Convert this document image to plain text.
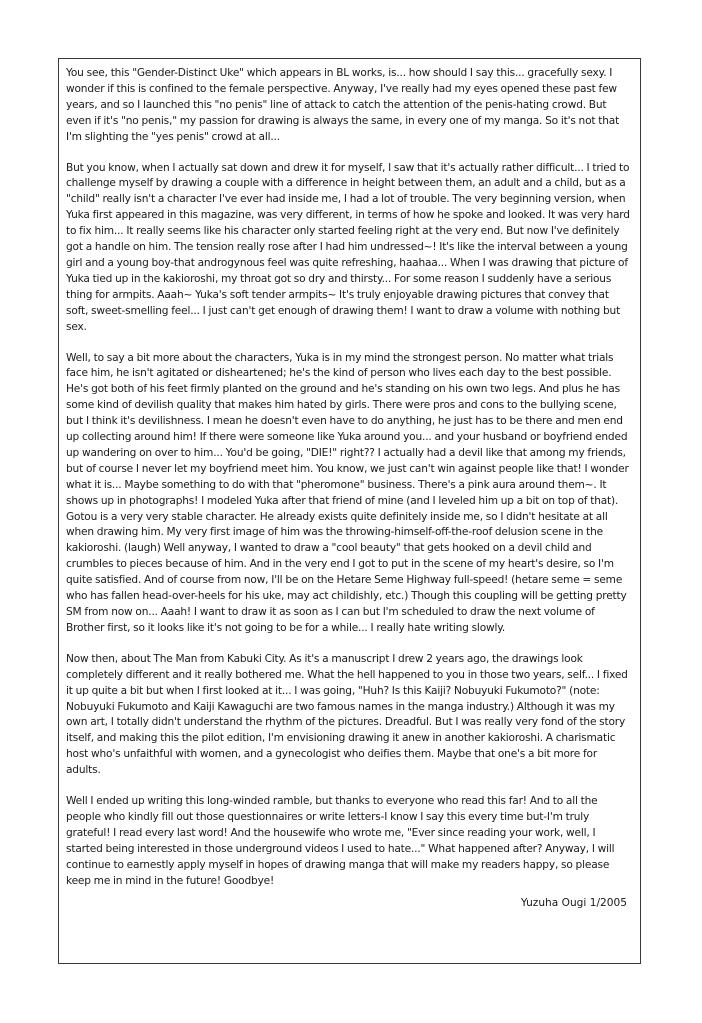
You see, this "Gender-Distinct Uke" which appears in BL works, is... how should I say this... gracefully sexy. I wonder if this is confined to the female perspective. Anyway, I've really had my eyes opened these past few years, and so I launched this "no penis" line of attack to catch the attention of the penis-hating crowd. But even if it's "no penis," my passion for drawing is always the same, in every one of my manga. So it's not that I'm slighting the "yes penis" crowd at all...

But you know, when I actually sat down and drew it for myself, I saw that it's actually rather difficult... I tried to challenge myself by drawing a couple with a difference in height between them, an adult and a child, but as a "child" really isn't a character I've ever had inside me, I had a lot of trouble. The very beginning version, when Yuka first appeared in this magazine, was very different, in terms of how he spoke and looked. It was very hard to fix him... It really seems like his character only started feeling right at the very end. But now I've definitely got a handle on him. The tension really rose after I had him undressed~! It's like the interval between a young girl and a young boy-that androgynous feel was quite refreshing, haahaa... When I was drawing that picture of Yuka tied up in the kakioroshi, my throat got so dry and thirsty... For some reason I suddenly have a serious thing for armpits. Aaah~ Yuka's soft tender armpits~ It's truly enjoyable drawing pictures that convey that soft, sweet-smelling feel... I just can't get enough of drawing them! I want to draw a volume with nothing but sex.

Well, to say a bit more about the characters, Yuka is in my mind the strongest person. No matter what trials face him, he isn't agitated or disheartened; he's the kind of person who lives each day to the best possible. He's got both of his feet firmly planted on the ground and he's standing on his own two legs. And plus he has some kind of devilish quality that makes him hated by girls. There were pros and cons to the bullying scene, but I think it's devilishness. I mean he doesn't even have to do anything, he just has to be there and men end up collecting around him! If there were someone like Yuka around you... and your husband or boyfriend ended up wandering on over to him... You'd be going, "DIE!" right?? I actually had a devil like that among my friends, but of course I never let my boyfriend meet him. You know, we just can't win against people like that! I wonder what it is... Maybe something to do with that "pheromone" business. There's a pink aura around them~. It shows up in photographs! I modeled Yuka after that friend of mine (and I leveled him up a bit on top of that). Gotou is a very very stable character. He already exists quite definitely inside me, so I didn't hesitate at all when drawing him. My very first image of him was the throwing-himself-off-the-roof delusion scene in the kakioroshi. (laugh) Well anyway, I wanted to draw a "cool beauty" that gets hooked on a devil child and crumbles to pieces because of him. And in the very end I got to put in the scene of my heart's desire, so I'm quite satisfied. And of course from now, I'll be on the Hetare Seme Highway full-speed! (hetare seme = seme who has fallen head-over-heels for his uke, may act childishly, etc.) Though this coupling will be getting pretty SM from now on... Aaah! I want to draw it as soon as I can but I'm scheduled to draw the next volume of Brother first, so it looks like it's not going to be for a while... I really hate writing slowly.

Now then, about The Man from Kabuki City. As it's a manuscript I drew 2 years ago, the drawings look completely different and it really bothered me. What the hell happened to you in those two years, self... I fixed it up quite a bit but when I first looked at it... I was going, "Huh? Is this Kaiji? Nobuyuki Fukumoto?" (note: Nobuyuki Fukumoto and Kaiji Kawaguchi are two famous names in the manga industry.) Although it was my own art, I totally didn't understand the rhythm of the pictures. Dreadful. But I was really very fond of the story itself, and making this the pilot edition, I'm envisioning drawing it anew in another kakioroshi. A charismatic host who's unfaithful with women, and a gynecologist who deifies them. Maybe that one's a bit more for adults.

Well I ended up writing this long-winded ramble, but thanks to everyone who read this far! And to all the people who kindly fill out those questionnaires or write letters-I know I say this every time but-I'm truly grateful! I read every last word! And the housewife who wrote me, "Ever since reading your work, well, I started being interested in those underground videos I used to hate..." What happened after? Anyway, I will continue to earnestly apply myself in hopes of drawing manga that will make my readers happy, so please keep me in mind in the future! Goodbye!

Yuzuha Ougi 1/2005
